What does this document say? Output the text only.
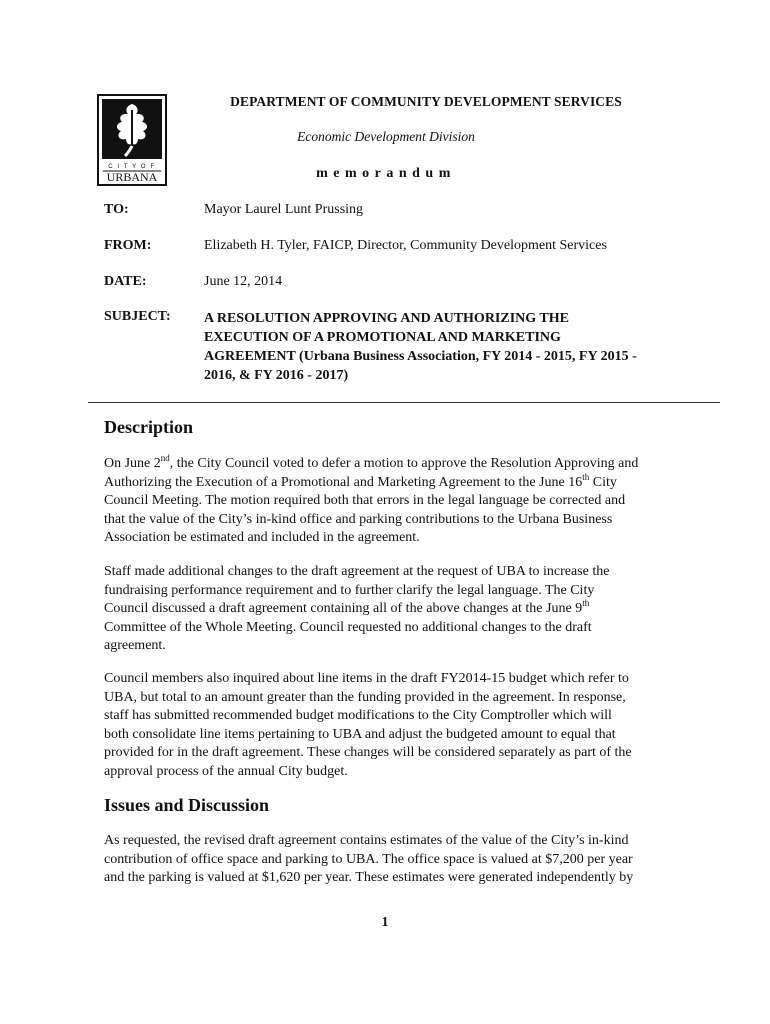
C I T Y O F
URBANA
DEPARTMENT OF COMMUNITY DEVELOPMENT SERVICES
Economic Development Division
memorandum
TO:	Mayor Laurel Lunt Prussing
FROM:	Elizabeth H. Tyler, FAICP, Director, Community Development Services
DATE:	June 12, 2014
SUBJECT: A RESOLUTION APPROVING AND AUTHORIZING THE
EXECUTION OF A PROMOTIONAL AND MARKETING
AGREEMENT (Urbana Business Association, FY 2014 - 2015, FY 2015 -
2016, & FY 2016 - 2017)
Description
On June 2nd, the City Council voted to defer a motion to approve the Resolution Approving and
Authorizing the Execution of a Promotional and Marketing Agreement to the June 16th City
Council Meeting. The motion required both that errors in the legal language be corrected and
that the value of the City’s in-kind office and parking contributions to the Urbana Business
Association be estimated and included in the agreement.
Staff made additional changes to the draft agreement at the request of UBA to increase the
fundraising performance requirement and to further clarify the legal language. The City
Council discussed a draft agreement containing all of the above changes at the June 9th
Committee of the Whole Meeting. Council requested no additional changes to the draft
agreement.
Council members also inquired about line items in the draft FY2014-15 budget which refer to
UBA, but total to an amount greater than the funding provided in the agreement. In response,
staff has submitted recommended budget modifications to the City Comptroller which will
both consolidate line items pertaining to UBA and adjust the budgeted amount to equal that
provided for in the draft agreement. These changes will be considered separately as part of the
approval process of the annual City budget.
Issues and Discussion
As requested, the revised draft agreement contains estimates of the value of the City’s in-kind
contribution of office space and parking to UBA. The office space is valued at $7,200 per year
and the parking is valued at $1,620 per year. These estimates were generated independently by
1
